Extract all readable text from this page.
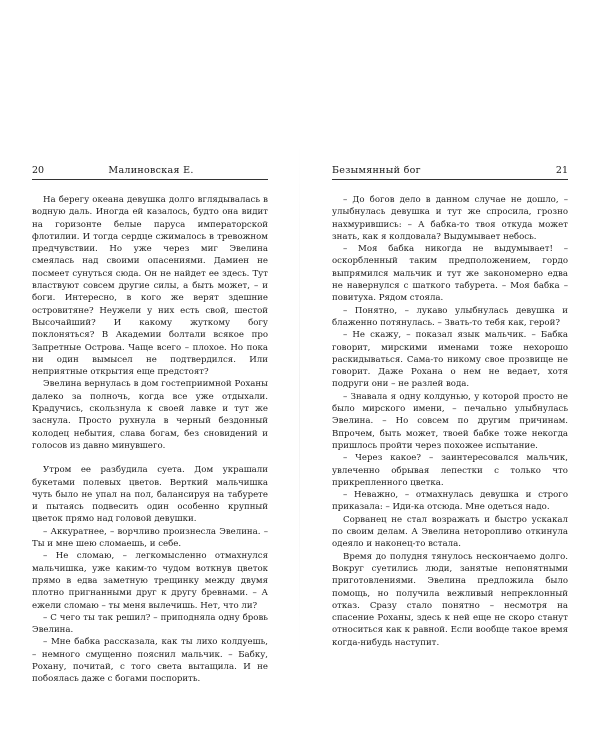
20	Малиновская Е.

На берегу океана девушка долго вглядывалась в водную даль. Иногда ей казалось, будто она видит на горизонте белые паруса императорской флотилии. И тогда сердце сжималось в тревожном предчувствии. Но уже через миг Эвелина смеялась над своими опасениями. Дамиен не посмеет сунуться сюда. Он не найдет ее здесь. Тут властвуют совсем другие силы, а быть может, – и боги. Интересно, в кого же верят здешние островитяне? Неужели у них есть свой, шестой Высочайший? И какому жуткому богу поклоняться? В Академии болтали всякое про Запретные Острова. Чаще всего – плохое. Но пока ни один вымысел не подтвердился. Или неприятные открытия еще предстоят?

Эвелина вернулась в дом гостеприимной Роханы далеко за полночь, когда все уже отдыхали. Крадучись, скользнула к своей лавке и тут же заснула. Просто рухнула в черный бездонный колодец небытия, слава богам, без сновидений и голосов из давно минувшего.

Утром ее разбудила суета. Дом украшали букетами полевых цветов. Верткий мальчишка чуть было не упал на пол, балансируя на табурете и пытаясь подвесить один особенно крупный цветок прямо над головой девушки.

– Аккуратнее, – ворчливо произнесла Эвелина. – Ты и мне шею сломаешь, и себе.

– Не сломаю, – легкомысленно отмахнулся мальчишка, уже каким-то чудом воткнув цветок прямо в едва заметную трещинку между двумя плотно пригнанными друг к другу бревнами. – А ежели сломаю – ты меня вылечишь. Нет, что ли?

– С чего ты так решил? – приподняла одну бровь Эвелина.

– Мне бабка рассказала, как ты лихо колдуешь, – немного смущенно пояснил мальчик. – Бабку, Рохану, почитай, с того света вытащила. И не побоялась даже с богами поспорить.

Безымянный бог	21

– До богов дело в данном случае не дошло, – улыбнулась девушка и тут же спросила, грозно нахмурившись: – А бабка-то твоя откуда может знать, как я колдовала? Выдумывает небось.

– Моя бабка никогда не выдумывает! – оскорбленный таким предположением, гордо выпрямился мальчик и тут же закономерно едва не навернулся с шаткого табурета. – Моя бабка – повитуха. Рядом стояла.

– Понятно, – лукаво улыбнулась девушка и блаженно потянулась. – Звать-то тебя как, герой?

– Не скажу, – показал язык мальчик. – Бабка говорит, мирскими именами тоже нехорошо раскидываться. Сама-то никому свое прозвище не говорит. Даже Рохана о нем не ведает, хотя подруги они – не разлей вода.

– Знавала я одну колдунью, у которой просто не было мирского имени, – печально улыбнулась Эвелина. – Но совсем по другим причинам. Впрочем, быть может, твоей бабке тоже некогда пришлось пройти через похожее испытание.

– Через какое? – заинтересовался мальчик, увлеченно обрывая лепестки с только что прикрепленного цветка.

– Неважно, – отмахнулась девушка и строго приказала: – Иди-ка отсюда. Мне одеться надо.

Сорванец не стал возражать и быстро ускакал по своим делам. А Эвелина неторопливо откинула одеяло и наконец-то встала.

Время до полудня тянулось нескончаемо долго. Вокруг суетились люди, занятые непонятными приготовлениями. Эвелина предложила было помощь, но получила вежливый непреклонный отказ. Сразу стало понятно – несмотря на спасение Роханы, здесь к ней еще не скоро станут относиться как к равной. Если вообще такое время когда-нибудь наступит.
